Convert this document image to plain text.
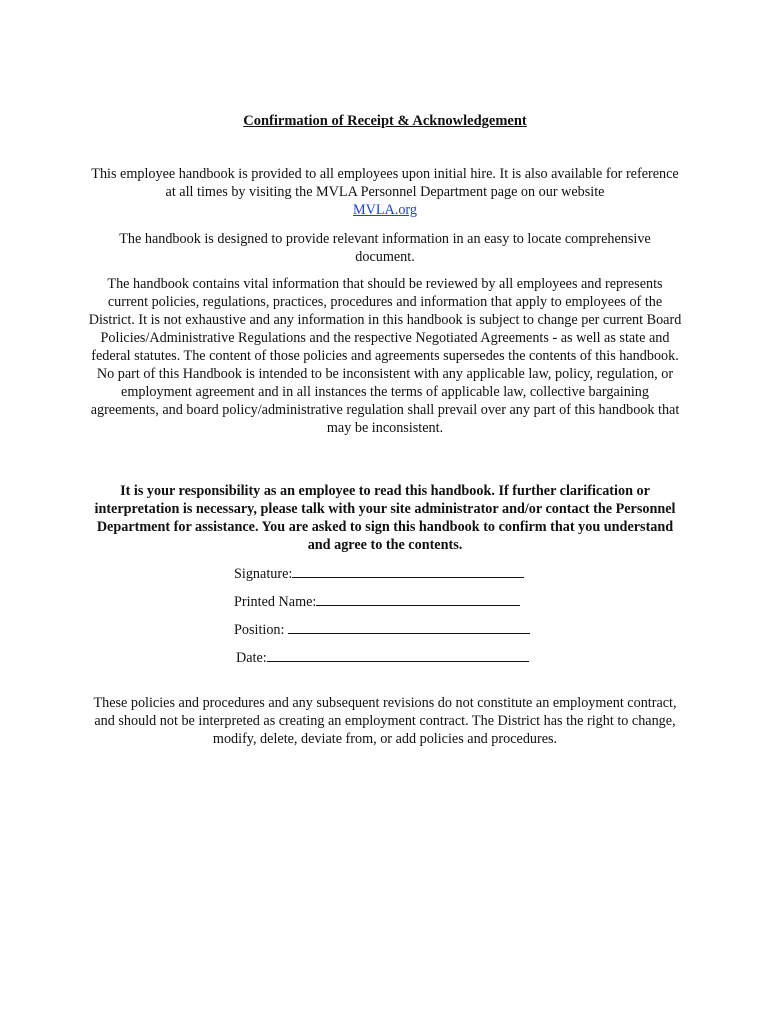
Confirmation of Receipt & Acknowledgement

This employee handbook is provided to all employees upon initial hire. It is also available for reference at all times by visiting the MVLA Personnel Department page on our website
MVLA.org

The handbook is designed to provide relevant information in an easy to locate comprehensive document.

The handbook contains vital information that should be reviewed by all employees and represents current policies, regulations, practices, procedures and information that apply to employees of the District. It is not exhaustive and any information in this handbook is subject to change per current Board Policies/Administrative Regulations and the respective Negotiated Agreements - as well as state and federal statutes. The content of those policies and agreements supersedes the contents of this handbook. No part of this Handbook is intended to be inconsistent with any applicable law, policy, regulation, or employment agreement and in all instances the terms of applicable law, collective bargaining agreements, and board policy/administrative regulation shall prevail over any part of this handbook that may be inconsistent.

It is your responsibility as an employee to read this handbook. If further clarification or interpretation is necessary, please talk with your site administrator and/or contact the Personnel Department for assistance. You are asked to sign this handbook to confirm that you understand and agree to the contents.

Signature:
Printed Name:
Position:
Date:

These policies and procedures and any subsequent revisions do not constitute an employment contract, and should not be interpreted as creating an employment contract. The District has the right to change, modify, delete, deviate from, or add policies and procedures.
